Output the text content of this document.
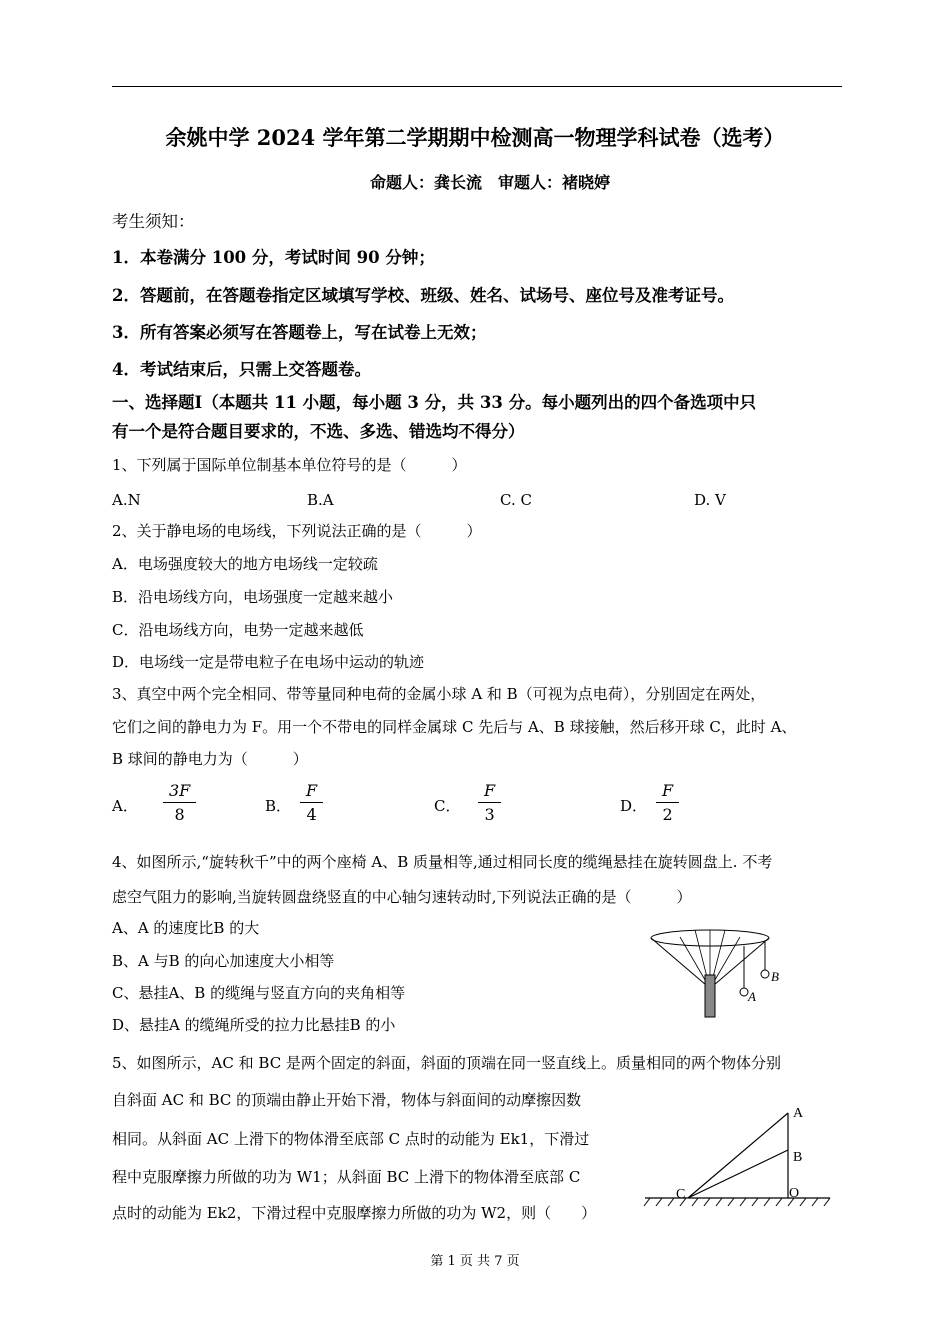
余姚中学 2024 学年第二学期期中检测高一物理学科试卷（选考）
命题人：龚长流　审题人：褚晓婷
考生须知：
1．本卷满分 100 分，考试时间 90 分钟；
2．答题前，在答题卷指定区域填写学校、班级、姓名、试场号、座位号及准考证号。
3．所有答案必须写在答题卷上，写在试卷上无效；
4．考试结束后，只需上交答题卷。
一、选择题Ⅰ（本题共 11 小题，每小题 3 分，共 33 分。每小题列出的四个备选项中只
有一个是符合题目要求的，不选、多选、错选均不得分）
1、下列属于国际单位制基本单位符号的是（　　　）
A.N	B.A	C. C	D. V
2、关于静电场的电场线，下列说法正确的是（　　　）
A．电场强度较大的地方电场线一定较疏
B．沿电场线方向，电场强度一定越来越小
C．沿电场线方向，电势一定越来越低
D．电场线一定是带电粒子在电场中运动的轨迹
3、真空中两个完全相同、带等量同种电荷的金属小球 A 和 B（可视为点电荷），分别固定在两处，
它们之间的静电力为 F。用一个不带电的同样金属球 C 先后与 A、B 球接触，然后移开球 C，此时 A、
B 球间的静电力为（　　　）
A． $\frac{3F}{8}$	B． $\frac{F}{4}$	C． $\frac{F}{3}$	D． $\frac{F}{2}$
4、如图所示,“旋转秋千”中的两个座椅 A、B 质量相等,通过相同长度的缆绳悬挂在旋转圆盘上. 不考
虑空气阻力的影响,当旋转圆盘绕竖直的中心轴匀速转动时,下列说法正确的是（　　　）
A、A 的速度比B 的大
B、A 与B 的向心加速度大小相等
C、悬挂A、B 的缆绳与竖直方向的夹角相等
D、悬挂A 的缆绳所受的拉力比悬挂B 的小
A
B
5、如图所示，AC 和 BC 是两个固定的斜面，斜面的顶端在同一竖直线上。质量相同的两个物体分别
自斜面 AC 和 BC 的顶端由静止开始下滑，物体与斜面间的动摩擦因数
相同。从斜面 AC 上滑下的物体滑至底部 C 点时的动能为 Ek1，下滑过
程中克服摩擦力所做的功为 W1；从斜面 BC 上滑下的物体滑至底部 C
点时的动能为 Ek2，下滑过程中克服摩擦力所做的功为 W2，则（　　）
A
B
C	O
第 1 页 共 7 页
